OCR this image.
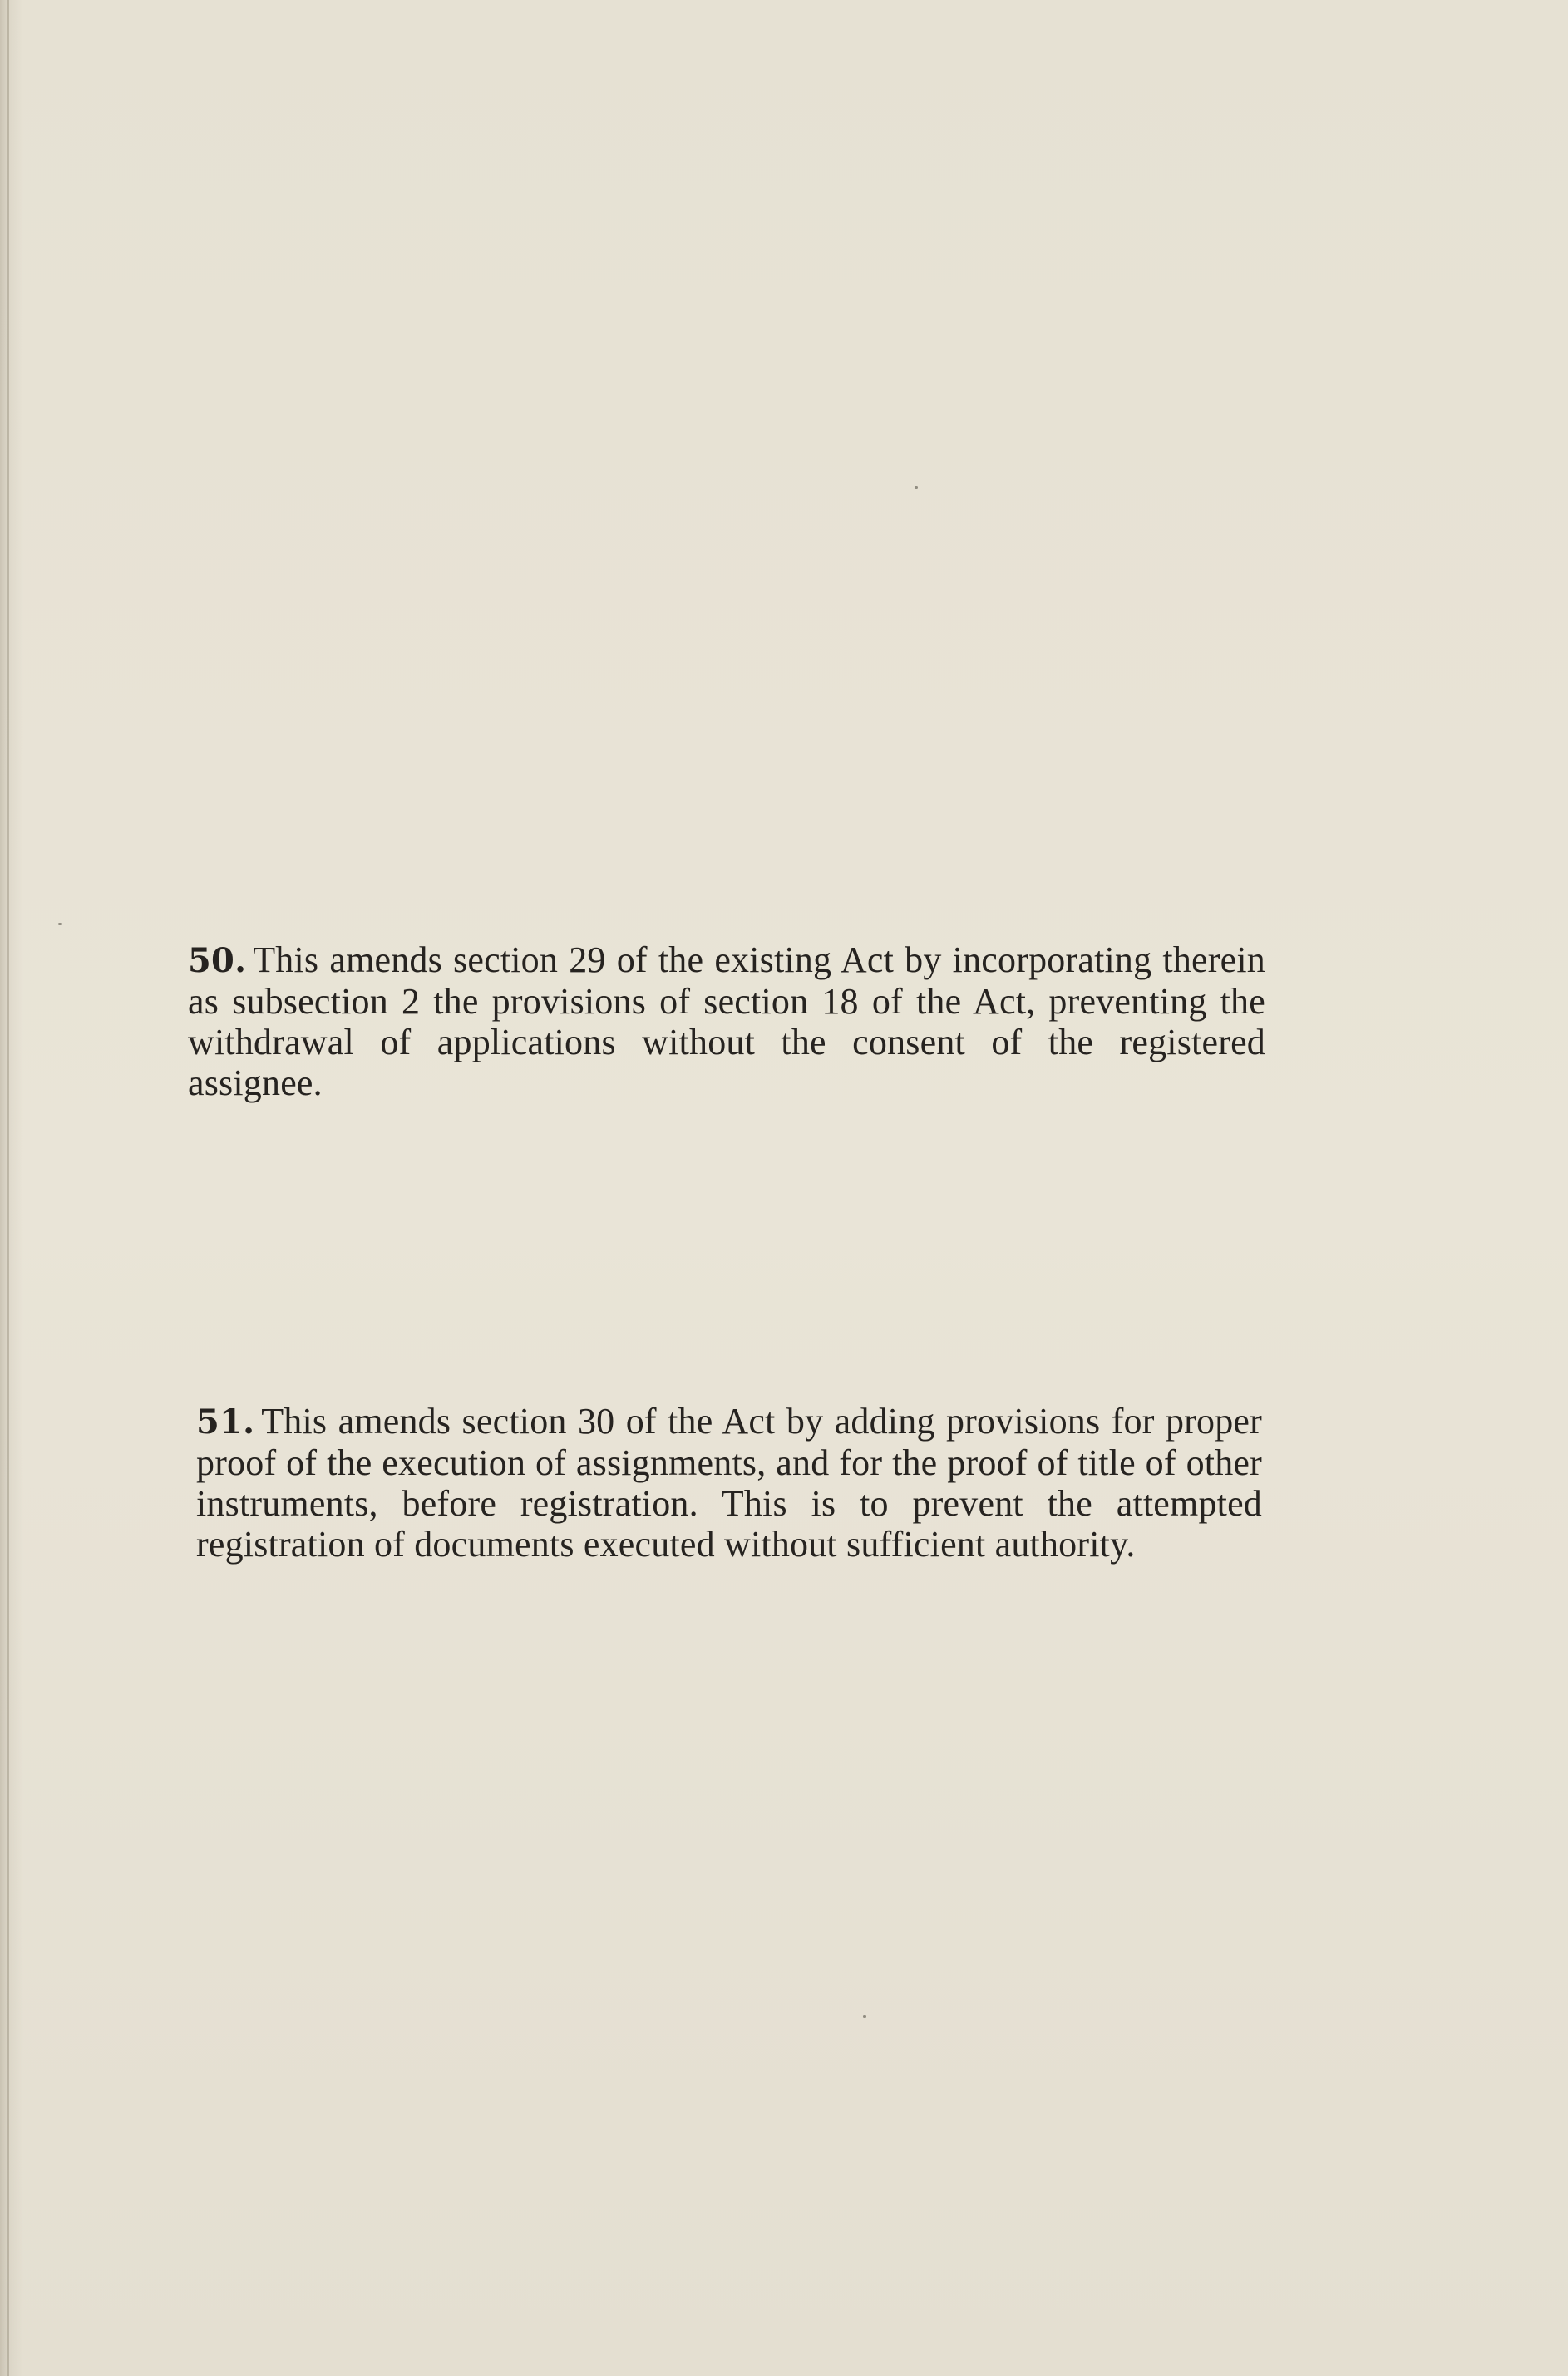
50. This amends section 29 of the existing Act by incorporating therein as subsection 2 the provisions of section 18 of the Act, preventing the withdrawal of applications without the consent of the registered assignee.

51. This amends section 30 of the Act by adding provisions for proper proof of the execution of assignments, and for the proof of title of other instruments, before registration. This is to prevent the attempted registration of documents executed without sufficient authority.
